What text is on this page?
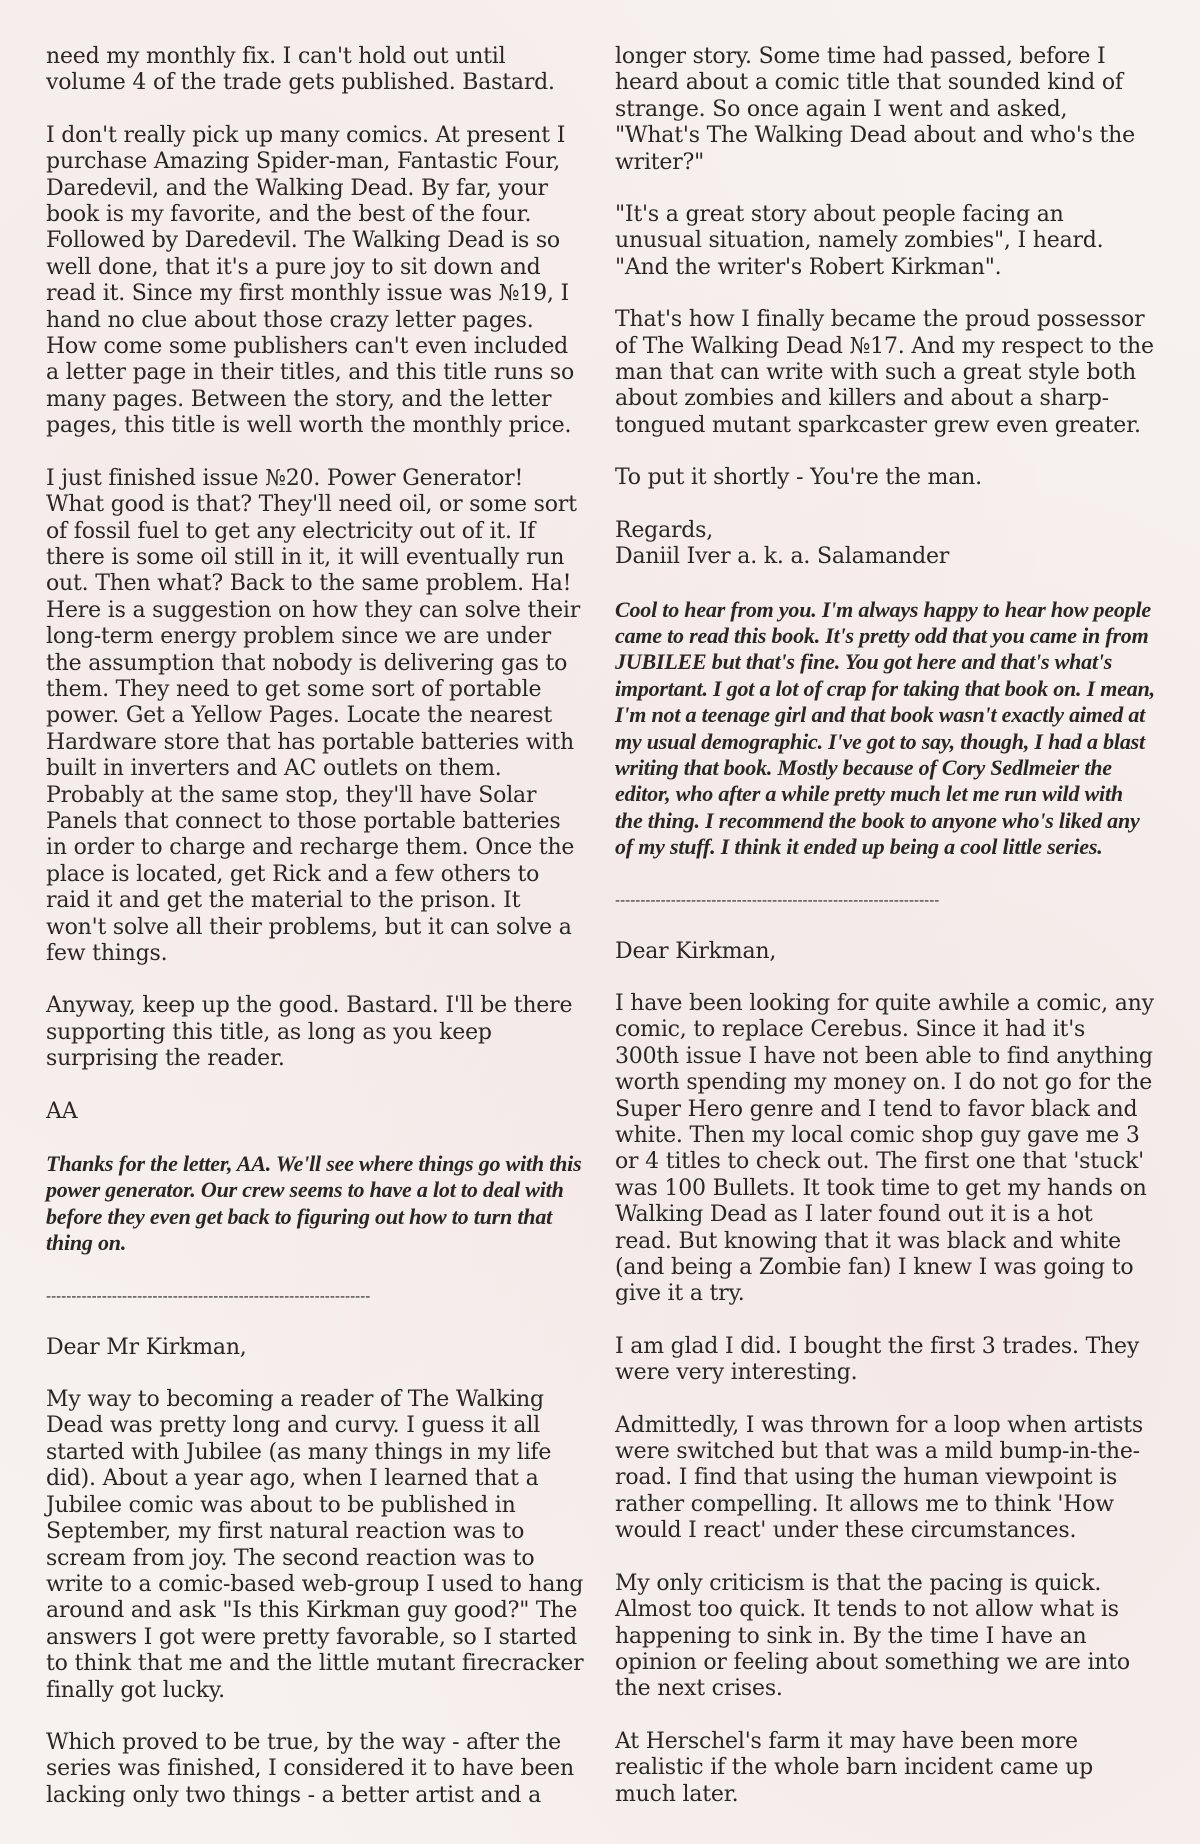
need my monthly fix. I can't hold out until volume 4 of the trade gets published. Bastard.

I don't really pick up many comics. At present I purchase Amazing Spider-man, Fantastic Four, Daredevil, and the Walking Dead. By far, your book is my favorite, and the best of the four. Followed by Daredevil. The Walking Dead is so well done, that it's a pure joy to sit down and read it. Since my first monthly issue was №19, I hand no clue about those crazy letter pages. How come some publishers can't even included a letter page in their titles, and this title runs so many pages. Between the story, and the letter pages, this title is well worth the monthly price.

I just finished issue №20. Power Generator! What good is that? They'll need oil, or some sort of fossil fuel to get any electricity out of it. If there is some oil still in it, it will eventually run out. Then what? Back to the same problem. Ha! Here is a suggestion on how they can solve their long-term energy problem since we are under the assumption that nobody is delivering gas to them. They need to get some sort of portable power. Get a Yellow Pages. Locate the nearest Hardware store that has portable batteries with built in inverters and AC outlets on them. Probably at the same stop, they'll have Solar Panels that connect to those portable batteries in order to charge and recharge them. Once the place is located, get Rick and a few others to raid it and get the material to the prison. It won't solve all their problems, but it can solve a few things.

Anyway, keep up the good. Bastard. I'll be there supporting this title, as long as you keep surprising the reader.

AA

Thanks for the letter, AA. We'll see where things go with this power generator. Our crew seems to have a lot to deal with before they even get back to figuring out how to turn that thing on.

----------------------------------------------------------------

Dear Mr Kirkman,

My way to becoming a reader of The Walking Dead was pretty long and curvy. I guess it all started with Jubilee (as many things in my life did). About a year ago, when I learned that a Jubilee comic was about to be published in September, my first natural reaction was to scream from joy. The second reaction was to write to a comic-based web-group I used to hang around and ask "Is this Kirkman guy good?" The answers I got were pretty favorable, so I started to think that me and the little mutant firecracker finally got lucky.

Which proved to be true, by the way - after the series was finished, I considered it to have been lacking only two things - a better artist and a

longer story. Some time had passed, before I heard about a comic title that sounded kind of strange. So once again I went and asked, "What's The Walking Dead about and who's the writer?"

"It's a great story about people facing an unusual situation, namely zombies", I heard. "And the writer's Robert Kirkman".

That's how I finally became the proud possessor of The Walking Dead №17. And my respect to the man that can write with such a great style both about zombies and killers and about a sharp-tongued mutant sparkcaster grew even greater.

To put it shortly - You're the man.

Regards,

Daniil Iver a. k. a. Salamander

Cool to hear from you. I'm always happy to hear how people came to read this book. It's pretty odd that you came in from JUBILEE but that's fine. You got here and that's what's important. I got a lot of crap for taking that book on. I mean, I'm not a teenage girl and that book wasn't exactly aimed at my usual demographic. I've got to say, though, I had a blast writing that book. Mostly because of Cory Sedlmeier the editor, who after a while pretty much let me run wild with the thing. I recommend the book to anyone who's liked any of my stuff. I think it ended up being a cool little series.

----------------------------------------------------------------

Dear Kirkman,

I have been looking for quite awhile a comic, any comic, to replace Cerebus. Since it had it's 300th issue I have not been able to find anything worth spending my money on. I do not go for the Super Hero genre and I tend to favor black and white. Then my local comic shop guy gave me 3 or 4 titles to check out. The first one that 'stuck' was 100 Bullets. It took time to get my hands on Walking Dead as I later found out it is a hot read. But knowing that it was black and white (and being a Zombie fan) I knew I was going to give it a try.

I am glad I did. I bought the first 3 trades. They were very interesting.

Admittedly, I was thrown for a loop when artists were switched but that was a mild bump-in-the-road. I find that using the human viewpoint is rather compelling. It allows me to think 'How would I react' under these circumstances.

My only criticism is that the pacing is quick. Almost too quick. It tends to not allow what is happening to sink in. By the time I have an opinion or feeling about something we are into the next crises.

At Herschel's farm it may have been more realistic if the whole barn incident came up much later.
